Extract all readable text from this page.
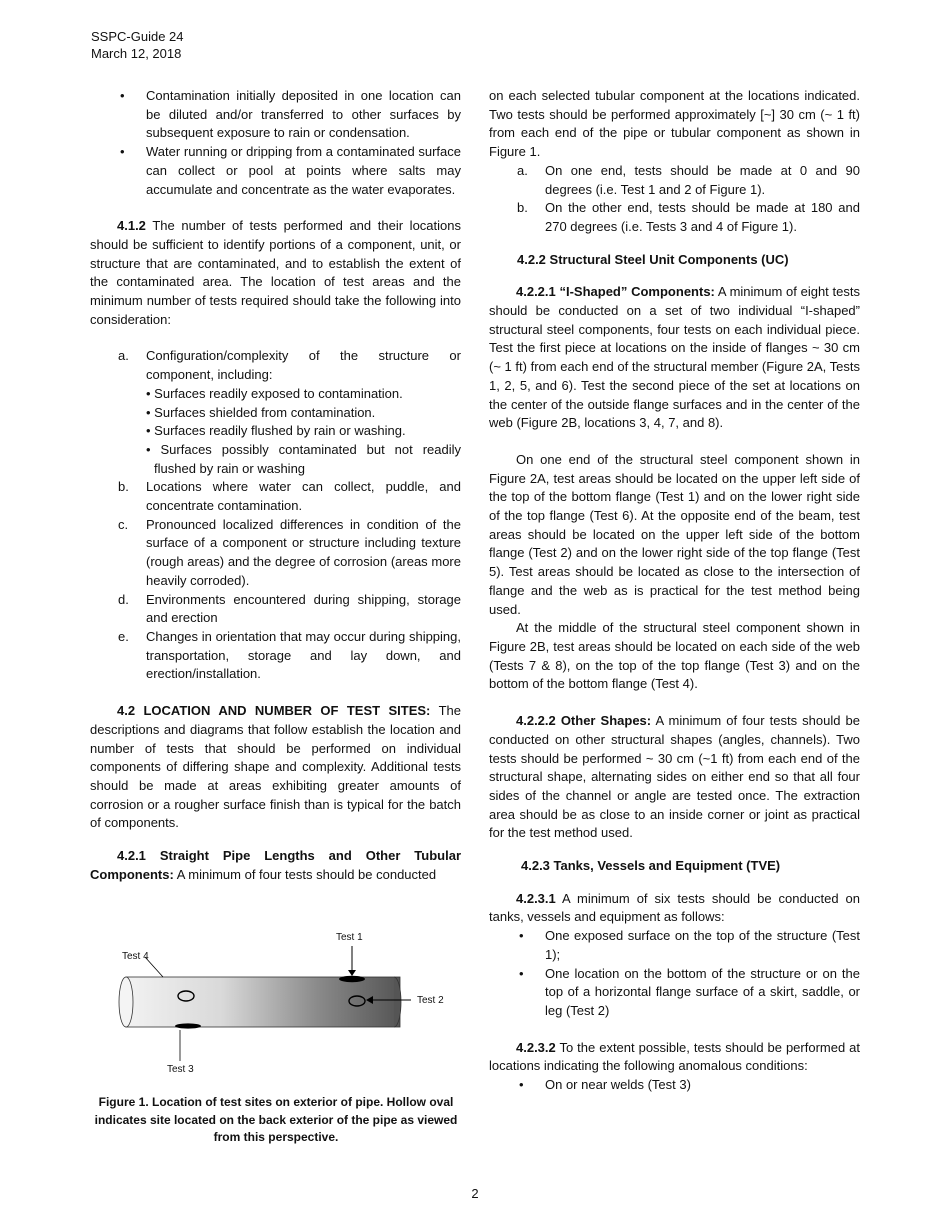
SSPC-Guide 24
March 12, 2018
•	Contamination initially deposited in one location can be diluted and/or transferred to other surfaces by subsequent exposure to rain or condensation.
•	Water running or dripping from a contaminated surface can collect or pool at points where salts may accumulate and concentrate as the water evaporates.

4.1.2 The number of tests performed and their locations should be sufficient to identify portions of a component, unit, or structure that are contaminated, and to establish the extent of the contaminated area. The location of test areas and the minimum number of tests required should take the following into consideration:

a.	Configuration/complexity of the structure or component, including:
• Surfaces readily exposed to contamination.
• Surfaces shielded from contamination.
• Surfaces readily flushed by rain or washing.
• Surfaces possibly contaminated but not readily flushed by rain or washing
b.	Locations where water can collect, puddle, and concentrate contamination.
c.	Pronounced localized differences in condition of the surface of a component or structure including texture (rough areas) and the degree of corrosion (areas more heavily corroded).
d.	Environments encountered during shipping, storage and erection
e.	Changes in orientation that may occur during shipping, transportation, storage and lay down, and erection/installation.

4.2 LOCATION AND NUMBER OF TEST SITES: The descriptions and diagrams that follow establish the location and number of tests that should be performed on individual components of differing shape and complexity. Additional tests should be made at areas exhibiting greater amounts of corrosion or a rougher surface finish than is typical for the batch of components.

4.2.1 Straight Pipe Lengths and Other Tubular Components: A minimum of four tests should be conducted

Test 1
Test 2
Test 3
Test 4
Figure 1. Location of test sites on exterior of pipe. Hollow oval indicates site located on the back exterior of the pipe as viewed from this perspective.

on each selected tubular component at the locations indicated. Two tests should be performed approximately [~] 30 cm (~ 1 ft) from each end of the pipe or tubular component as shown in Figure 1.

a.	On one end, tests should be made at 0 and 90 degrees (i.e. Test 1 and 2 of Figure 1).
b.	On the other end, tests should be made at 180 and 270 degrees (i.e. Tests 3 and 4 of Figure 1).
4.2.2 Structural Steel Unit Components (UC)

4.2.2.1 “I-Shaped” Components: A minimum of eight tests should be conducted on a set of two individual “I-shaped” structural steel components, four tests on each individual piece. Test the first piece at locations on the inside of flanges ~ 30 cm (~ 1 ft) from each end of the structural member (Figure 2A, Tests 1, 2, 5, and 6). Test the second piece of the set at locations on the center of the outside flange surfaces and in the center of the web (Figure 2B, locations 3, 4, 7, and 8).

On one end of the structural steel component shown in Figure 2A, test areas should be located on the upper left side of the top of the bottom flange (Test 1) and on the lower right side of the top flange (Test 6). At the opposite end of the beam, test areas should be located on the upper left side of the bottom flange (Test 2) and on the lower right side of the top flange (Test 5). Test areas should be located as close to the intersection of flange and the web as is practical for the test method being used.

At the middle of the structural steel component shown in Figure 2B, test areas should be located on each side of the web (Tests 7 & 8), on the top of the top flange (Test 3) and on the bottom of the bottom flange (Test 4).

4.2.2.2 Other Shapes: A minimum of four tests should be conducted on other structural shapes (angles, channels). Two tests should be performed ~ 30 cm (~1 ft) from each end of the structural shape, alternating sides on either end so that all four sides of the channel or angle are tested once. The extraction area should be as close to an inside corner or joint as practical for the test method used.

4.2.3 Tanks, Vessels and Equipment (TVE)

4.2.3.1 A minimum of six tests should be conducted on tanks, vessels and equipment as follows:

•	One exposed surface on the top of the structure (Test 1);
•	One location on the bottom of the structure or on the top of a horizontal flange surface of a skirt, saddle, or leg (Test 2)

4.2.3.2 To the extent possible, tests should be performed at locations indicating the following anomalous conditions:

•	On or near welds (Test 3)
2
